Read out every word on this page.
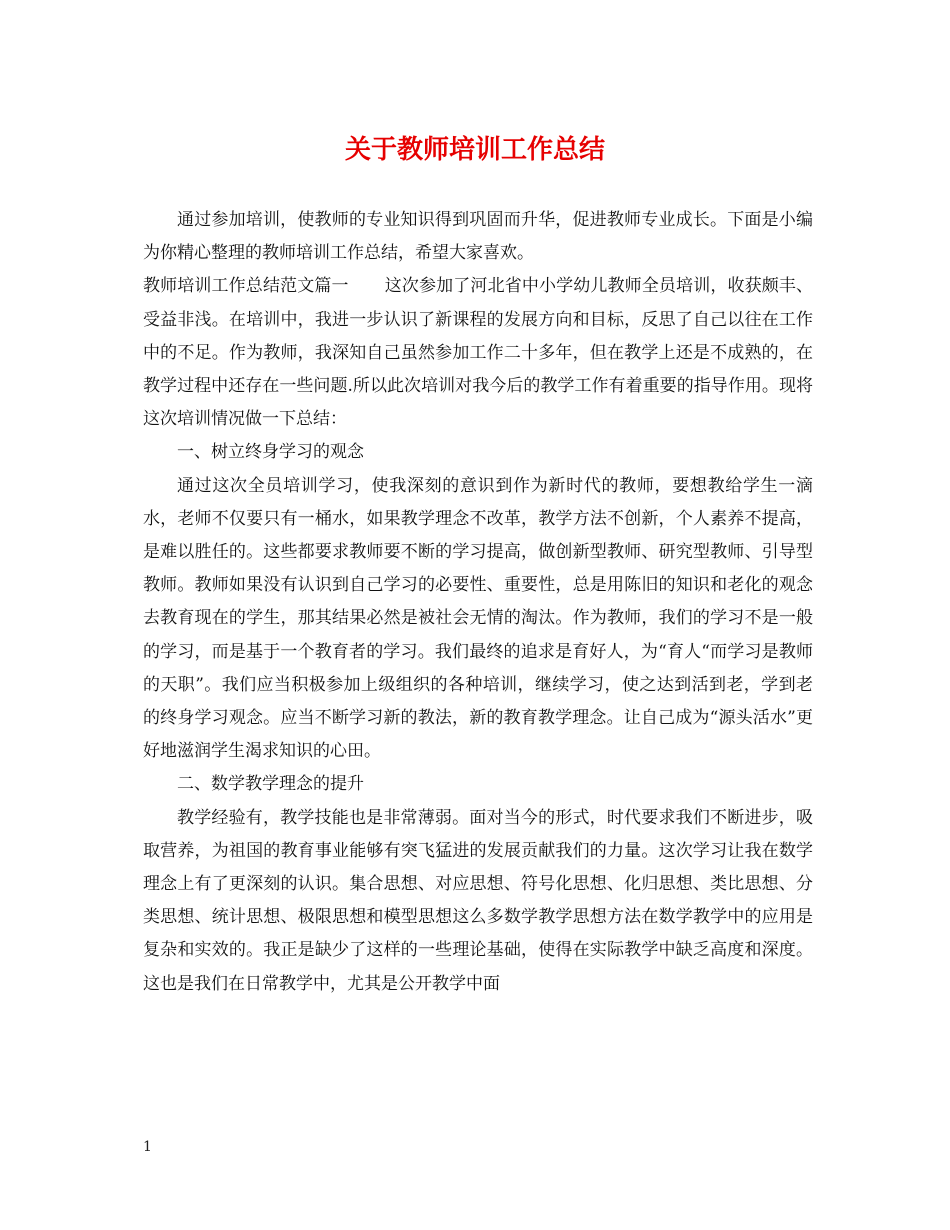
关于教师培训工作总结

通过参加培训，使教师的专业知识得到巩固而升华，促进教师专业成长。下面是小编为你精心整理的教师培训工作总结，希望大家喜欢。

教师培训工作总结范文篇一 这次参加了河北省中小学幼儿教师全员培训，收获颇丰、受益非浅。在培训中，我进一步认识了新课程的发展方向和目标，反思了自己以往在工作中的不足。作为教师，我深知自己虽然参加工作二十多年，但在教学上还是不成熟的，在教学过程中还存在一些问题.所以此次培训对我今后的教学工作有着重要的指导作用。现将这次培训情况做一下总结：

一、树立终身学习的观念

通过这次全员培训学习，使我深刻的意识到作为新时代的教师，要想教给学生一滴水，老师不仅要只有一桶水，如果教学理念不改革，教学方法不创新，个人素养不提高，是难以胜任的。这些都要求教师要不断的学习提高，做创新型教师、研究型教师、引导型教师。教师如果没有认识到自己学习的必要性、重要性，总是用陈旧的知识和老化的观念去教育现在的学生，那其结果必然是被社会无情的淘汰。作为教师，我们的学习不是一般的学习，而是基于一个教育者的学习。我们最终的追求是育好人，为“育人“而学习是教师的天职”。我们应当积极参加上级组织的各种培训，继续学习，使之达到活到老，学到老的终身学习观念。应当不断学习新的教法，新的教育教学理念。让自己成为“源头活水”更好地滋润学生渴求知识的心田。

二、数学教学理念的提升

教学经验有，教学技能也是非常薄弱。面对当今的形式，时代要求我们不断进步，吸取营养，为祖国的教育事业能够有突飞猛进的发展贡献我们的力量。这次学习让我在数学理念上有了更深刻的认识。集合思想、对应思想、符号化思想、化归思想、类比思想、分类思想、统计思想、极限思想和模型思想这么多数学教学思想方法在数学教学中的应用是复杂和实效的。我正是缺少了这样的一些理论基础，使得在实际教学中缺乏高度和深度。这也是我们在日常教学中，尤其是公开教学中面

1
